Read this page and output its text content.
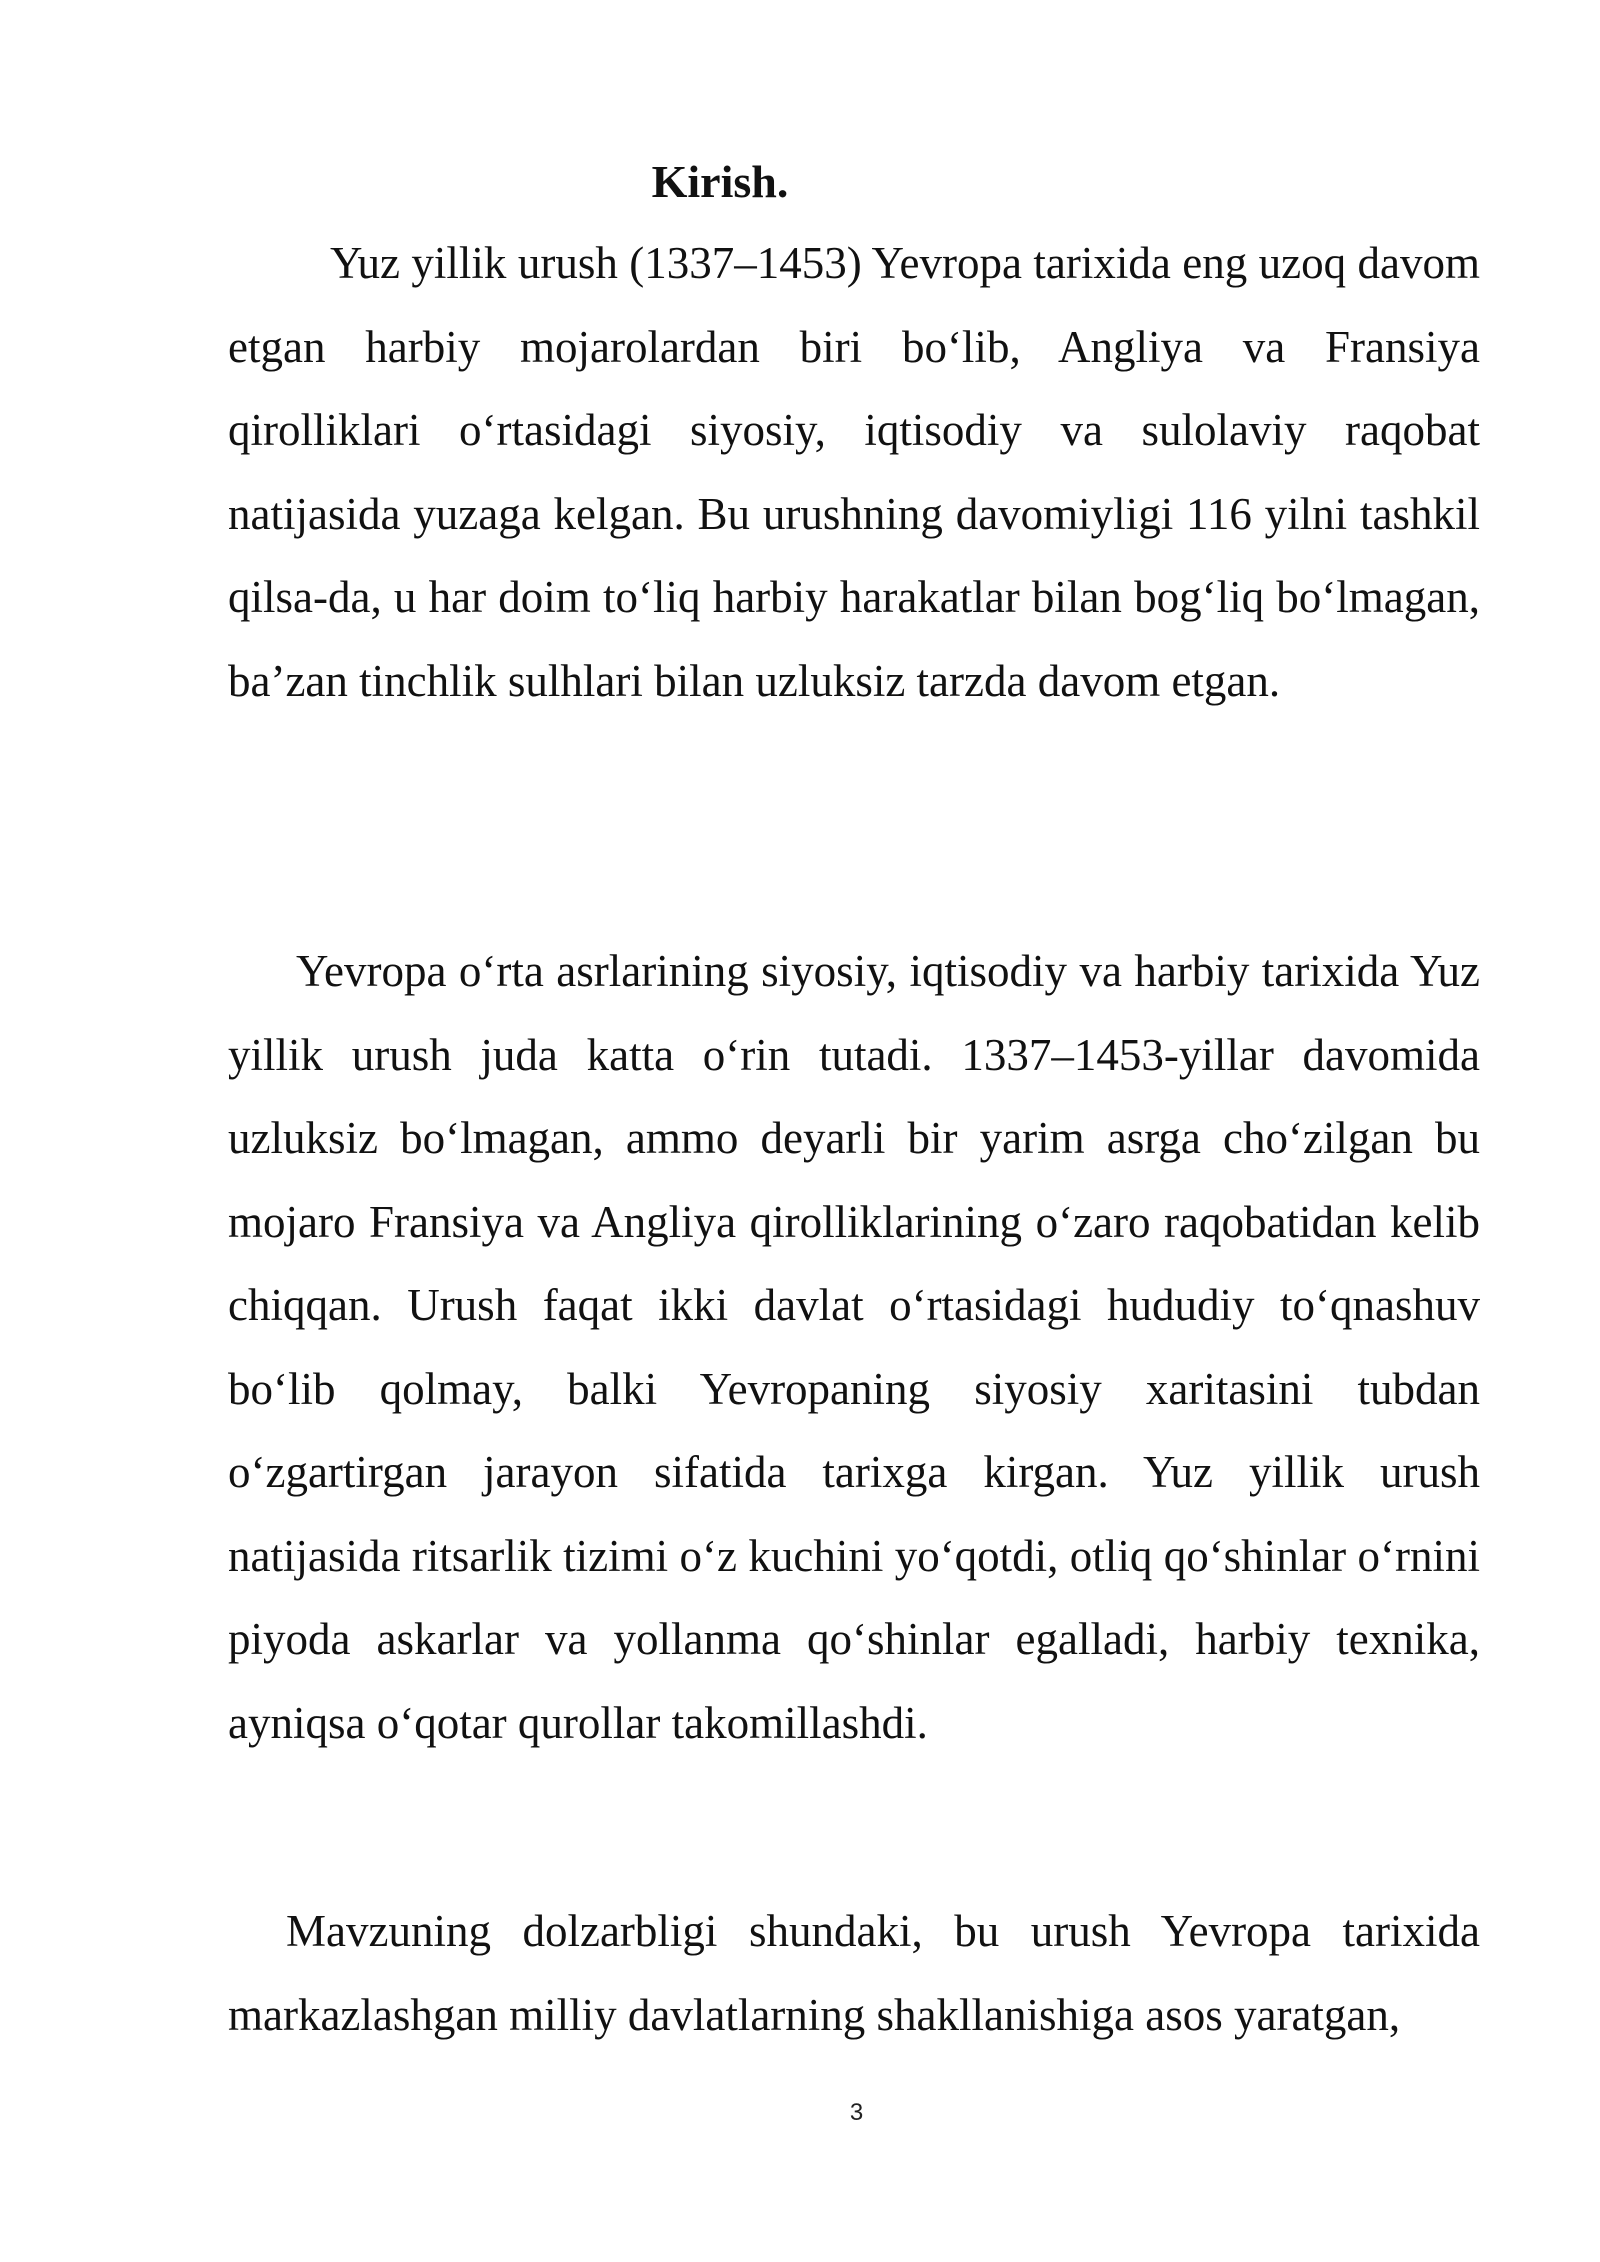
Kirish.

Yuz yillik urush (1337–1453) Yevropa tarixida eng uzoq davom etgan harbiy mojarolardan biri bo‘lib, Angliya va Fransiya qirolliklari o‘rtasidagi siyosiy, iqtisodiy va sulolaviy raqobat natijasida yuzaga kelgan. Bu urushning davomiyligi 116 yilni tashkil qilsa-da, u har doim to‘liq harbiy harakatlar bilan bog‘liq bo‘lmagan, ba’zan tinchlik sulhlari bilan uzluksiz tarzda davom etgan.

Yevropa o‘rta asrlarining siyosiy, iqtisodiy va harbiy tarixida Yuz yillik urush juda katta o‘rin tutadi. 1337–1453-yillar davomida uzluksiz bo‘lmagan, ammo deyarli bir yarim asrga cho‘zilgan bu mojaro Fransiya va Angliya qirolliklarining o‘zaro raqobatidan kelib chiqqan. Urush faqat ikki davlat o‘rtasidagi hududiy to‘qnashuv bo‘lib qolmay, balki Yevropaning siyosiy xaritasini tubdan o‘zgartirgan jarayon sifatida tarixga kirgan. Yuz yillik urush natijasida ritsarlik tizimi o‘z kuchini yo‘qotdi, otliq qo‘shinlar o‘rnini piyoda askarlar va yollanma qo‘shinlar egalladi, harbiy texnika, ayniqsa o‘qotar qurollar takomillashdi.

Mavzuning dolzarbligi shundaki, bu urush Yevropa tarixida markazlashgan milliy davlatlarning shakllanishiga asos yaratgan,

3
